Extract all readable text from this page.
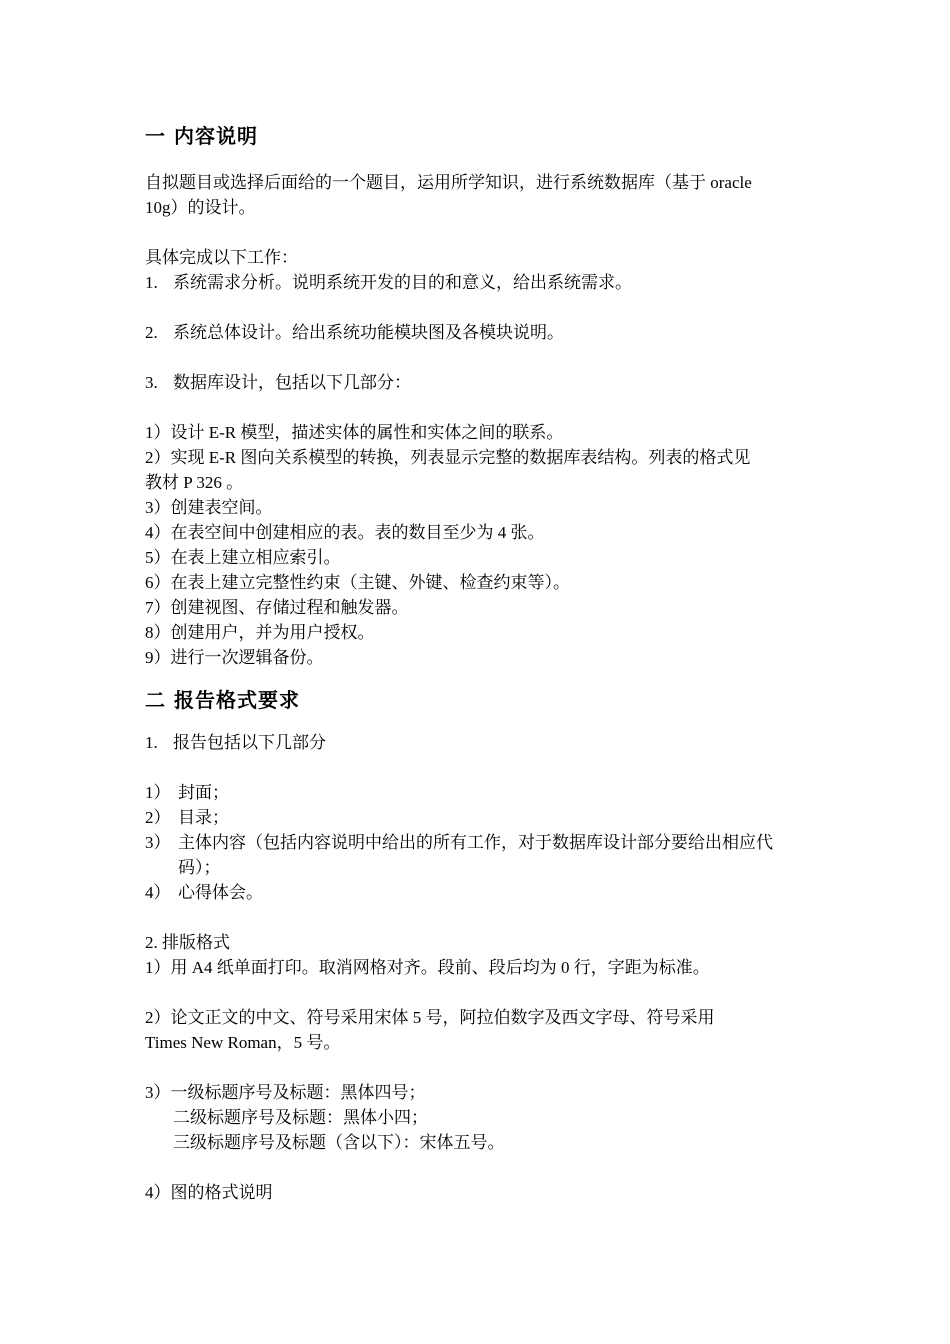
一 内容说明

自拟题目或选择后面给的一个题目，运用所学知识，进行系统数据库（基于 oracle

10g）的设计。

具体完成以下工作：

1. 系统需求分析。说明系统开发的目的和意义，给出系统需求。
2. 系统总体设计。给出系统功能模块图及各模块说明。
3. 数据库设计，包括以下几部分：

1）设计 E-R 模型，描述实体的属性和实体之间的联系。

2）实现 E-R 图向关系模型的转换，列表显示完整的数据库表结构。列表的格式见

教材 P 326 。

3）创建表空间。

4）在表空间中创建相应的表。表的数目至少为 4 张。

5）在表上建立相应索引。

6）在表上建立完整性约束（主键、外键、检查约束等）。

7）创建视图、存储过程和触发器。

8）创建用户，并为用户授权。

9）进行一次逻辑备份。

二 报告格式要求
1. 报告包括以下几部分
1） 封面；
2） 目录；
3） 主体内容（包括内容说明中给出的所有工作，对于数据库设计部分要给出相应代码）；
4） 心得体会。

2. 排版格式

1）用 A4 纸单面打印。取消网格对齐。段前、段后均为 0 行，字距为标准。

2）论文正文的中文、符号采用宋体 5 号，阿拉伯数字及西文字母、符号采用

Times New Roman，5 号。

3）一级标题序号及标题：黑体四号；

二级标题序号及标题：黑体小四；

三级标题序号及标题（含以下）：宋体五号。

4）图的格式说明
